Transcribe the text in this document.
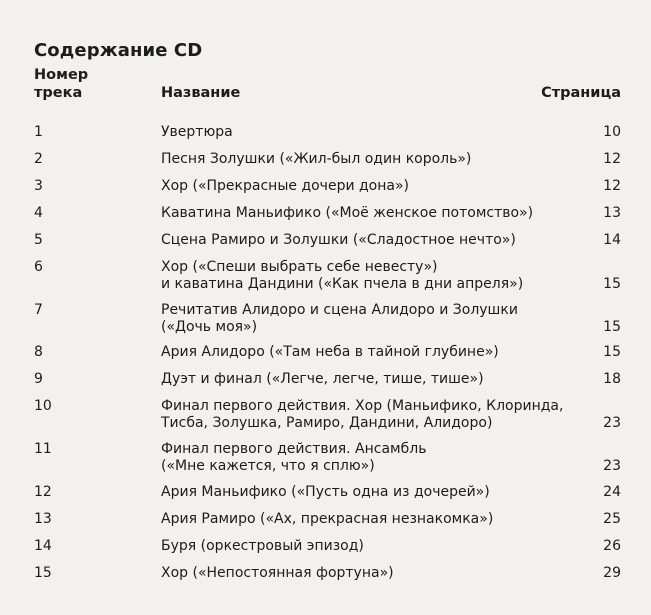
Содержание CD
Номер
трека	Название	Страница
1	Увертюра	10
2	Песня Золушки («Жил-был один король»)	12
3	Хор («Прекрасные дочери дона»)	12
4	Каватина Маньифико («Моё женское потомство»)	13
5	Сцена Рамиро и Золушки («Сладостное нечто»)	14
6	Хор («Спеши выбрать себе невесту»)
и каватина Дандини («Как пчела в дни апреля»)	15
7	Речитатив Алидоро и сцена Алидоро и Золушки
(«Дочь моя»)	15
8	Ария Алидоро («Там неба в тайной глубине»)	15
9	Дуэт и финал («Легче, легче, тише, тише»)	18
10	Финал первого действия. Хор (Маньифико, Клоринда,
Тисба, Золушка, Рамиро, Дандини, Алидоро)	23
11	Финал первого действия. Ансамбль
(«Мне кажется, что я сплю»)	23
12	Ария Маньифико («Пусть одна из дочерей»)	24
13	Ария Рамиро («Ах, прекрасная незнакомка»)	25
14	Буря (оркестровый эпизод)	26
15	Хор («Непостоянная фортуна»)	29
